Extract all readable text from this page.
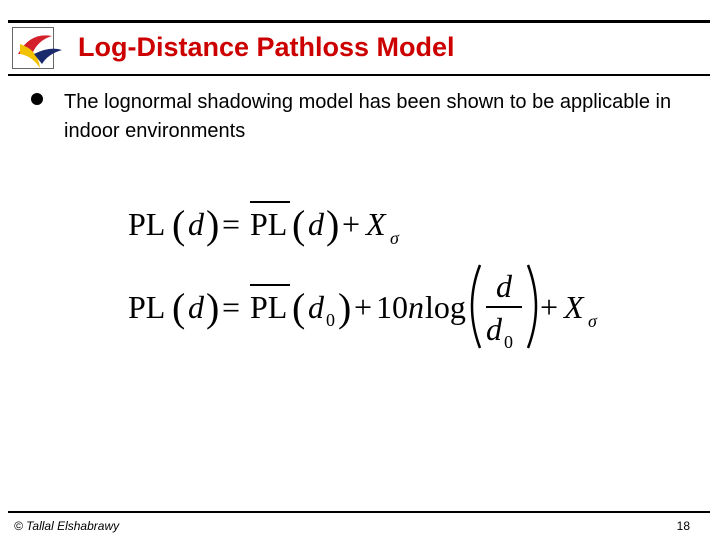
Log-Distance Pathloss Model
The lognormal shadowing model has been shown to be applicable in indoor environments
PL ( d ) = PL ( d ) + X σ
PL ( d ) = PL ( d 0 ) + 10 n log
d
d 0
+ X σ
© Tallal Elshabrawy	18
